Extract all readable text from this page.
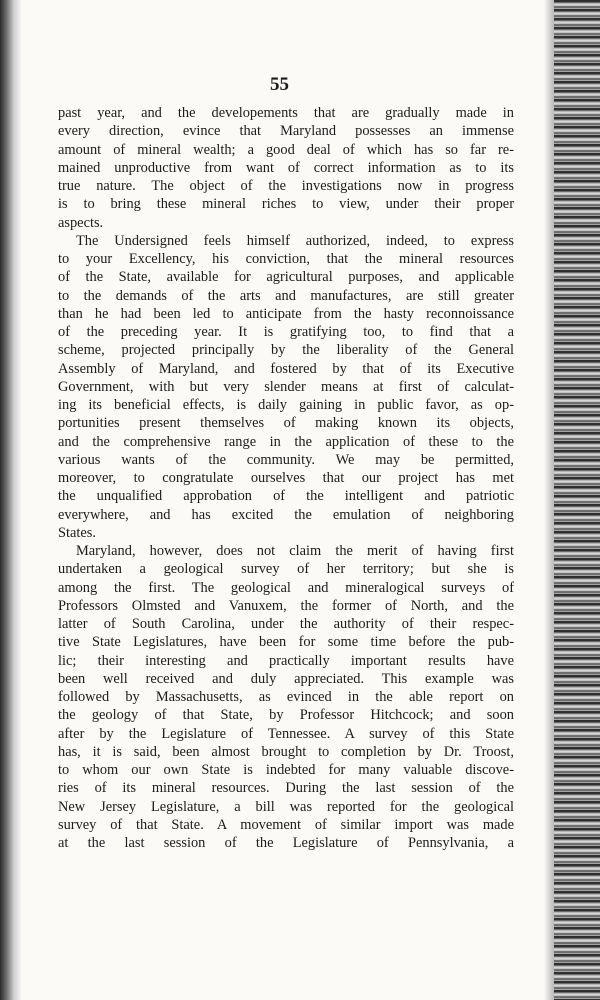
55
past year, and the developements that are gradually made in
every direction, evince that Maryland possesses an immense
amount of mineral wealth; a good deal of which has so far re-
mained unproductive from want of correct information as to its
true nature. The object of the investigations now in progress
is to bring these mineral riches to view, under their proper
aspects.
The Undersigned feels himself authorized, indeed, to express
to your Excellency, his conviction, that the mineral resources
of the State, available for agricultural purposes, and applicable
to the demands of the arts and manufactures, are still greater
than he had been led to anticipate from the hasty reconnoissance
of the preceding year. It is gratifying too, to find that a
scheme, projected principally by the liberality of the General
Assembly of Maryland, and fostered by that of its Executive
Government, with but very slender means at first of calculat-
ing its beneficial effects, is daily gaining in public favor, as op-
portunities present themselves of making known its objects,
and the comprehensive range in the application of these to the
various wants of the community. We may be permitted,
moreover, to congratulate ourselves that our project has met
the unqualified approbation of the intelligent and patriotic
everywhere, and has excited the emulation of neighboring
States.
Maryland, however, does not claim the merit of having first
undertaken a geological survey of her territory; but she is
among the first. The geological and mineralogical surveys of
Professors Olmsted and Vanuxem, the former of North, and the
latter of South Carolina, under the authority of their respec-
tive State Legislatures, have been for some time before the pub-
lic; their interesting and practically important results have
been well received and duly appreciated. This example was
followed by Massachusetts, as evinced in the able report on
the geology of that State, by Professor Hitchcock; and soon
after by the Legislature of Tennessee. A survey of this State
has, it is said, been almost brought to completion by Dr. Troost,
to whom our own State is indebted for many valuable discove-
ries of its mineral resources. During the last session of the
New Jersey Legislature, a bill was reported for the geological
survey of that State. A movement of similar import was made
at the last session of the Legislature of Pennsylvania, a
